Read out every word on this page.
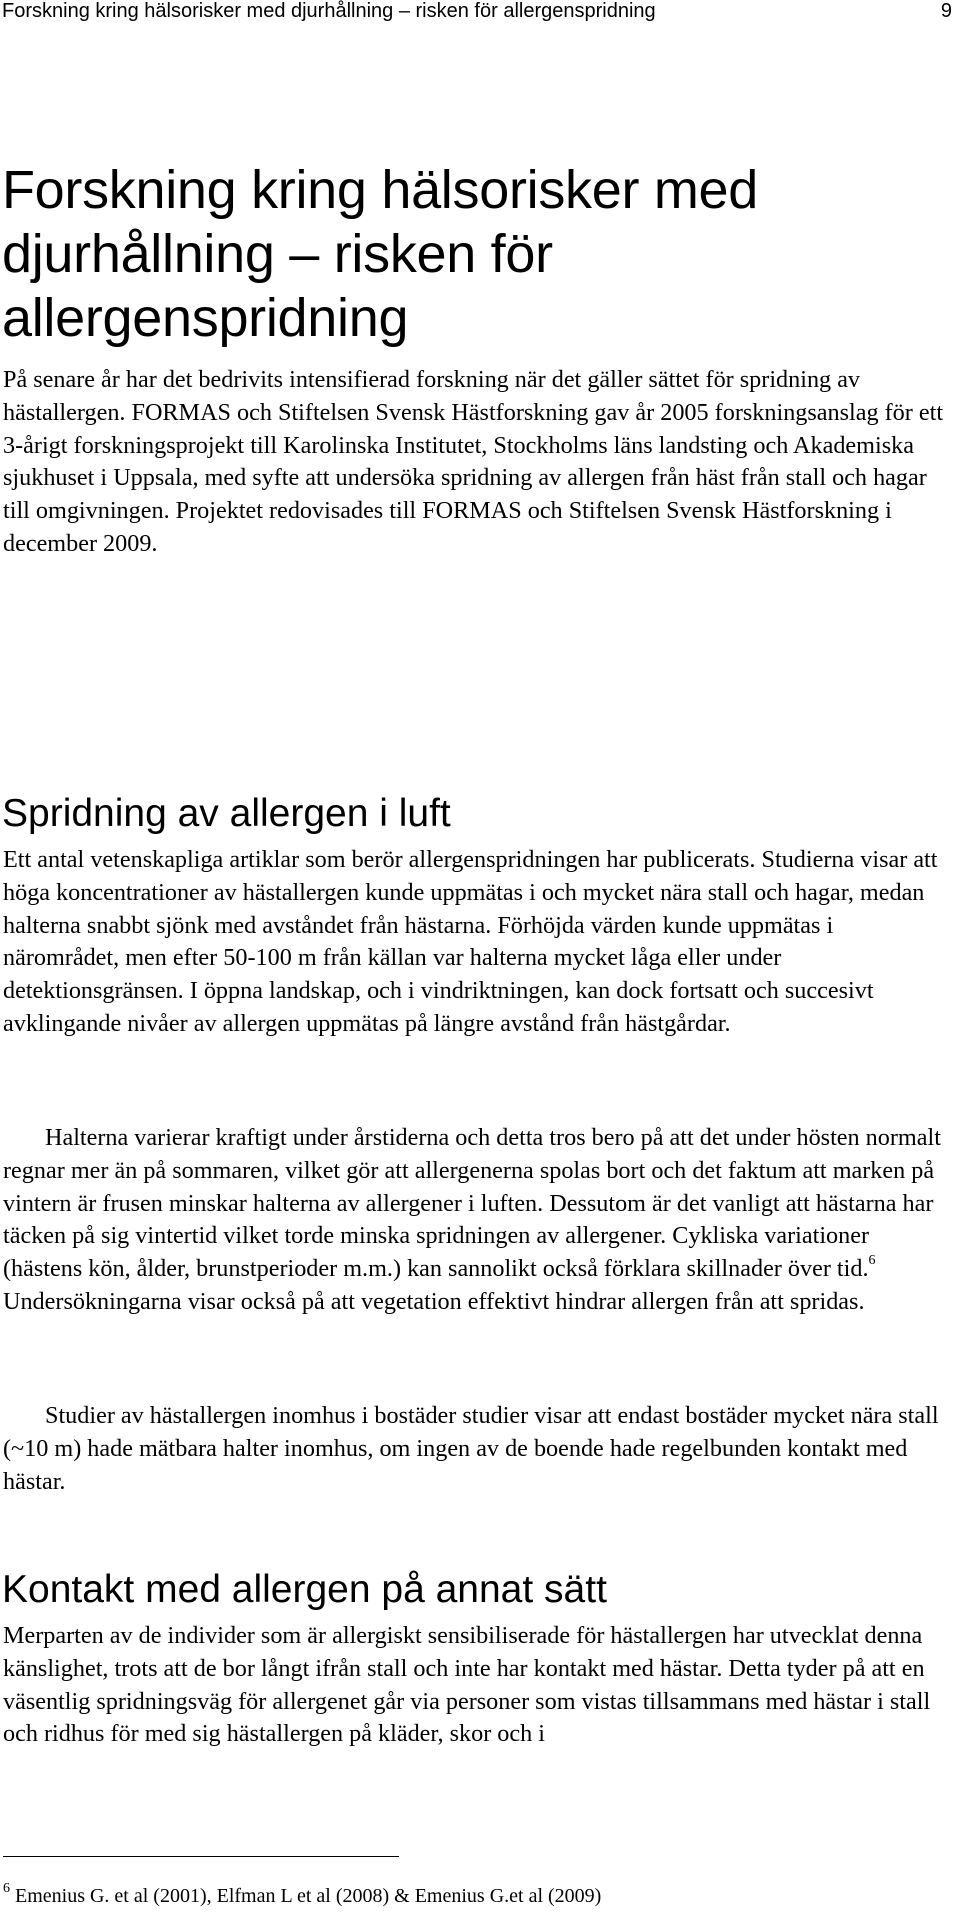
Forskning kring hälsorisker med djurhållning – risken för allergenspridning	9
Forskning kring hälsorisker med
djurhållning – risken för
allergenspridning

På senare år har det bedrivits intensifierad forskning när det gäller sättet för spridning av hästallergen. FORMAS och Stiftelsen Svensk Hästforskning gav år 2005 forskningsanslag för ett 3-årigt forskningsprojekt till Karolinska Institutet, Stockholms läns landsting och Akademiska sjukhuset i Uppsala, med syfte att undersöka spridning av allergen från häst från stall och hagar till omgivningen. Projektet redovisades till FORMAS och Stiftelsen Svensk Hästforskning i december 2009.

Spridning av allergen i luft

Ett antal vetenskapliga artiklar som berör allergenspridningen har publicerats. Studierna visar att höga koncentrationer av hästallergen kunde uppmätas i och mycket nära stall och hagar, medan halterna snabbt sjönk med avståndet från hästarna. Förhöjda värden kunde uppmätas i närområdet, men efter 50-100 m från källan var halterna mycket låga eller under detektionsgränsen. I öppna landskap, och i vindriktningen, kan dock fortsatt och succesivt avklingande nivåer av allergen uppmätas på längre avstånd från hästgårdar.

Halterna varierar kraftigt under årstiderna och detta tros bero på att det under hösten normalt regnar mer än på sommaren, vilket gör att allergenerna spolas bort och det faktum att marken på vintern är frusen minskar halterna av allergener i luften. Dessutom är det vanligt att hästarna har täcken på sig vintertid vilket torde minska spridningen av allergener. Cykliska variationer (hästens kön, ålder, brunstperioder m.m.) kan sannolikt också förklara skillnader över tid.$^6$ Undersökningarna visar också på att vegetation effektivt hindrar allergen från att spridas.

Studier av hästallergen inomhus i bostäder studier visar att endast bostäder mycket nära stall (~10 m) hade mätbara halter inomhus, om ingen av de boende hade regelbunden kontakt med hästar.

Kontakt med allergen på annat sätt

Merparten av de individer som är allergiskt sensibiliserade för hästallergen har utvecklat denna känslighet, trots att de bor långt ifrån stall och inte har kontakt med hästar. Detta tyder på att en väsentlig spridningsväg för allergenet går via personer som vistas tillsammans med hästar i stall och ridhus för med sig hästallergen på kläder, skor och i

$^6$ Emenius G. et al (2001), Elfman L et al (2008) & Emenius G.et al (2009)
